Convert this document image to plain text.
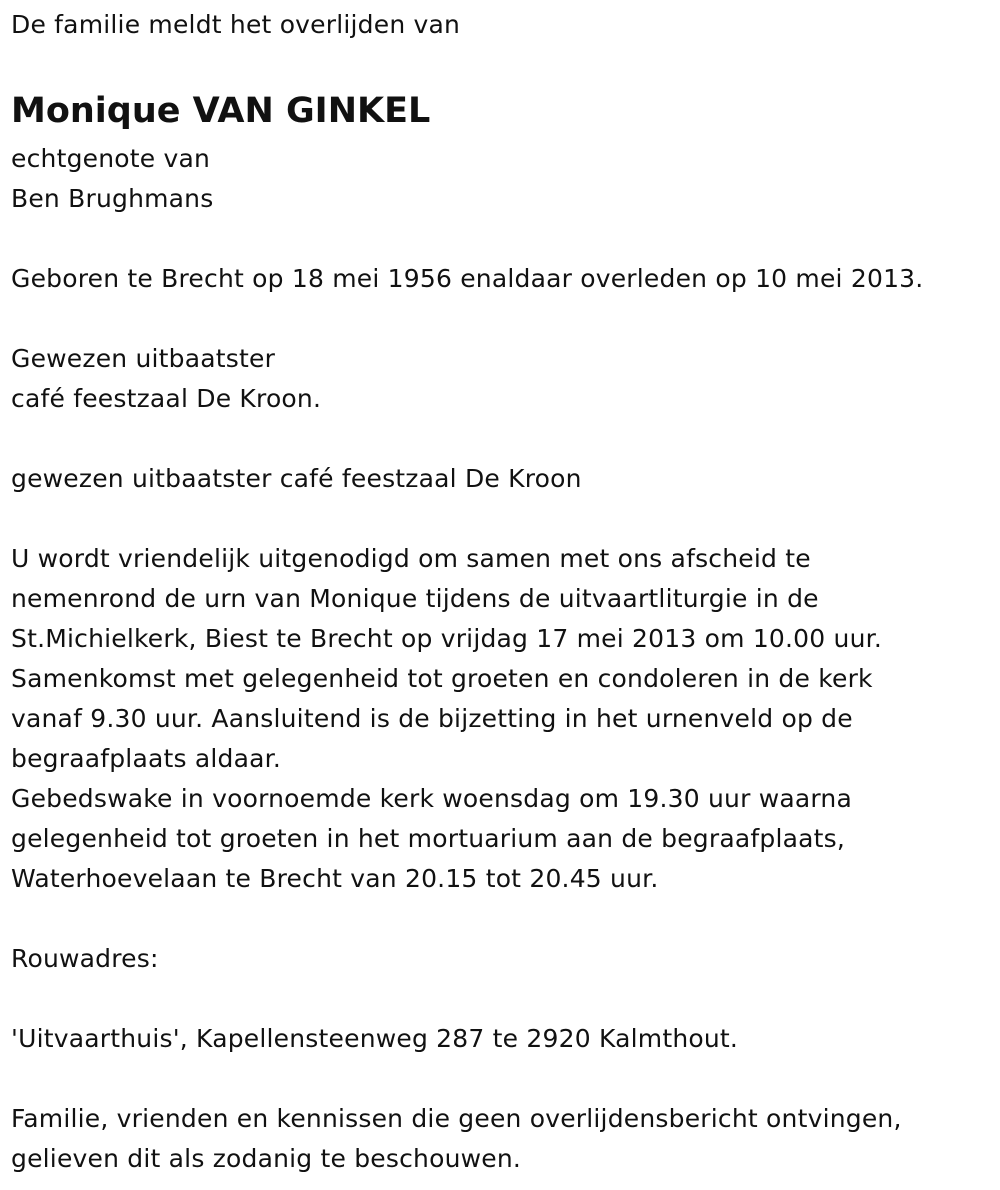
De familie meldt het overlijden van
Monique VAN GINKEL
echtgenote van
Ben Brughmans
Geboren te Brecht op 18 mei 1956 enaldaar overleden op 10 mei 2013.
Gewezen uitbaatster
café feestzaal De Kroon.
gewezen uitbaatster café feestzaal De Kroon
U wordt vriendelijk uitgenodigd om samen met ons afscheid te
nemenrond de urn van Monique tijdens de uitvaartliturgie in de
St.Michielkerk, Biest te Brecht op vrijdag 17 mei 2013 om 10.00 uur.
Samenkomst met gelegenheid tot groeten en condoleren in de kerk
vanaf 9.30 uur. Aansluitend is de bijzetting in het urnenveld op de
begraafplaats aldaar.
Gebedswake in voornoemde kerk woensdag om 19.30 uur waarna
gelegenheid tot groeten in het mortuarium aan de begraafplaats,
Waterhoevelaan te Brecht van 20.15 tot 20.45 uur.
Rouwadres:
'Uitvaarthuis', Kapellensteenweg 287 te 2920 Kalmthout.
Familie, vrienden en kennissen die geen overlijdensbericht ontvingen,
gelieven dit als zodanig te beschouwen.
